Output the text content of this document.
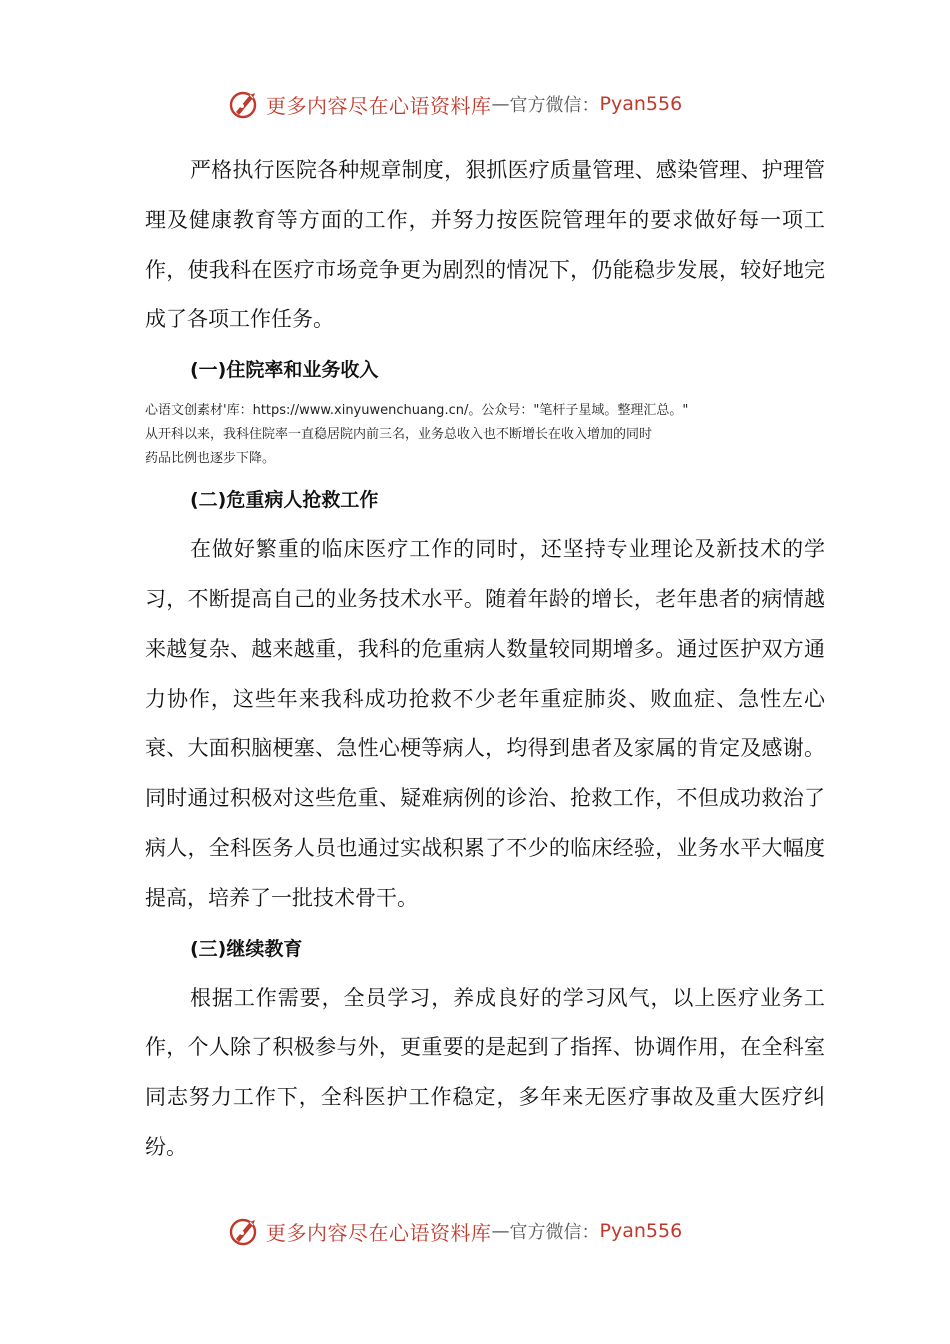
更多内容尽在心语资料库 — 官方微信： Pyan556

严格执行医院各种规章制度，狠抓医疗质量管理、感染管理、护理管理及健康教育等方面的工作，并努力按医院管理年的要求做好每一项工作，使我科在医疗市场竞争更为剧烈的情况下，仍能稳步发展，较好地完成了各项工作任务。

(一)住院率和业务收入

心语文创素材'库：https://www.xinyuwenchuang.cn/。公众号："笔杆子星域。整理汇总。"
从开科以来，我科住院率一直稳居院内前三名，业务总收入也不断增长在收入增加的同时
药品比例也逐步下降。

(二)危重病人抢救工作

在做好繁重的临床医疗工作的同时，还坚持专业理论及新技术的学习，不断提高自己的业务技术水平。随着年龄的增长，老年患者的病情越来越复杂、越来越重，我科的危重病人数量较同期增多。通过医护双方通力协作，这些年来我科成功抢救不少老年重症肺炎、败血症、急性左心衰、大面积脑梗塞、急性心梗等病人，均得到患者及家属的肯定及感谢。同时通过积极对这些危重、疑难病例的诊治、抢救工作，不但成功救治了病人，全科医务人员也通过实战积累了不少的临床经验，业务水平大幅度提高，培养了一批技术骨干。

(三)继续教育

根据工作需要，全员学习，养成良好的学习风气，以上医疗业务工作，个人除了积极参与外，更重要的是起到了指挥、协调作用，在全科室同志努力工作下，全科医护工作稳定，多年来无医疗事故及重大医疗纠纷。

更多内容尽在心语资料库 — 官方微信： Pyan556
